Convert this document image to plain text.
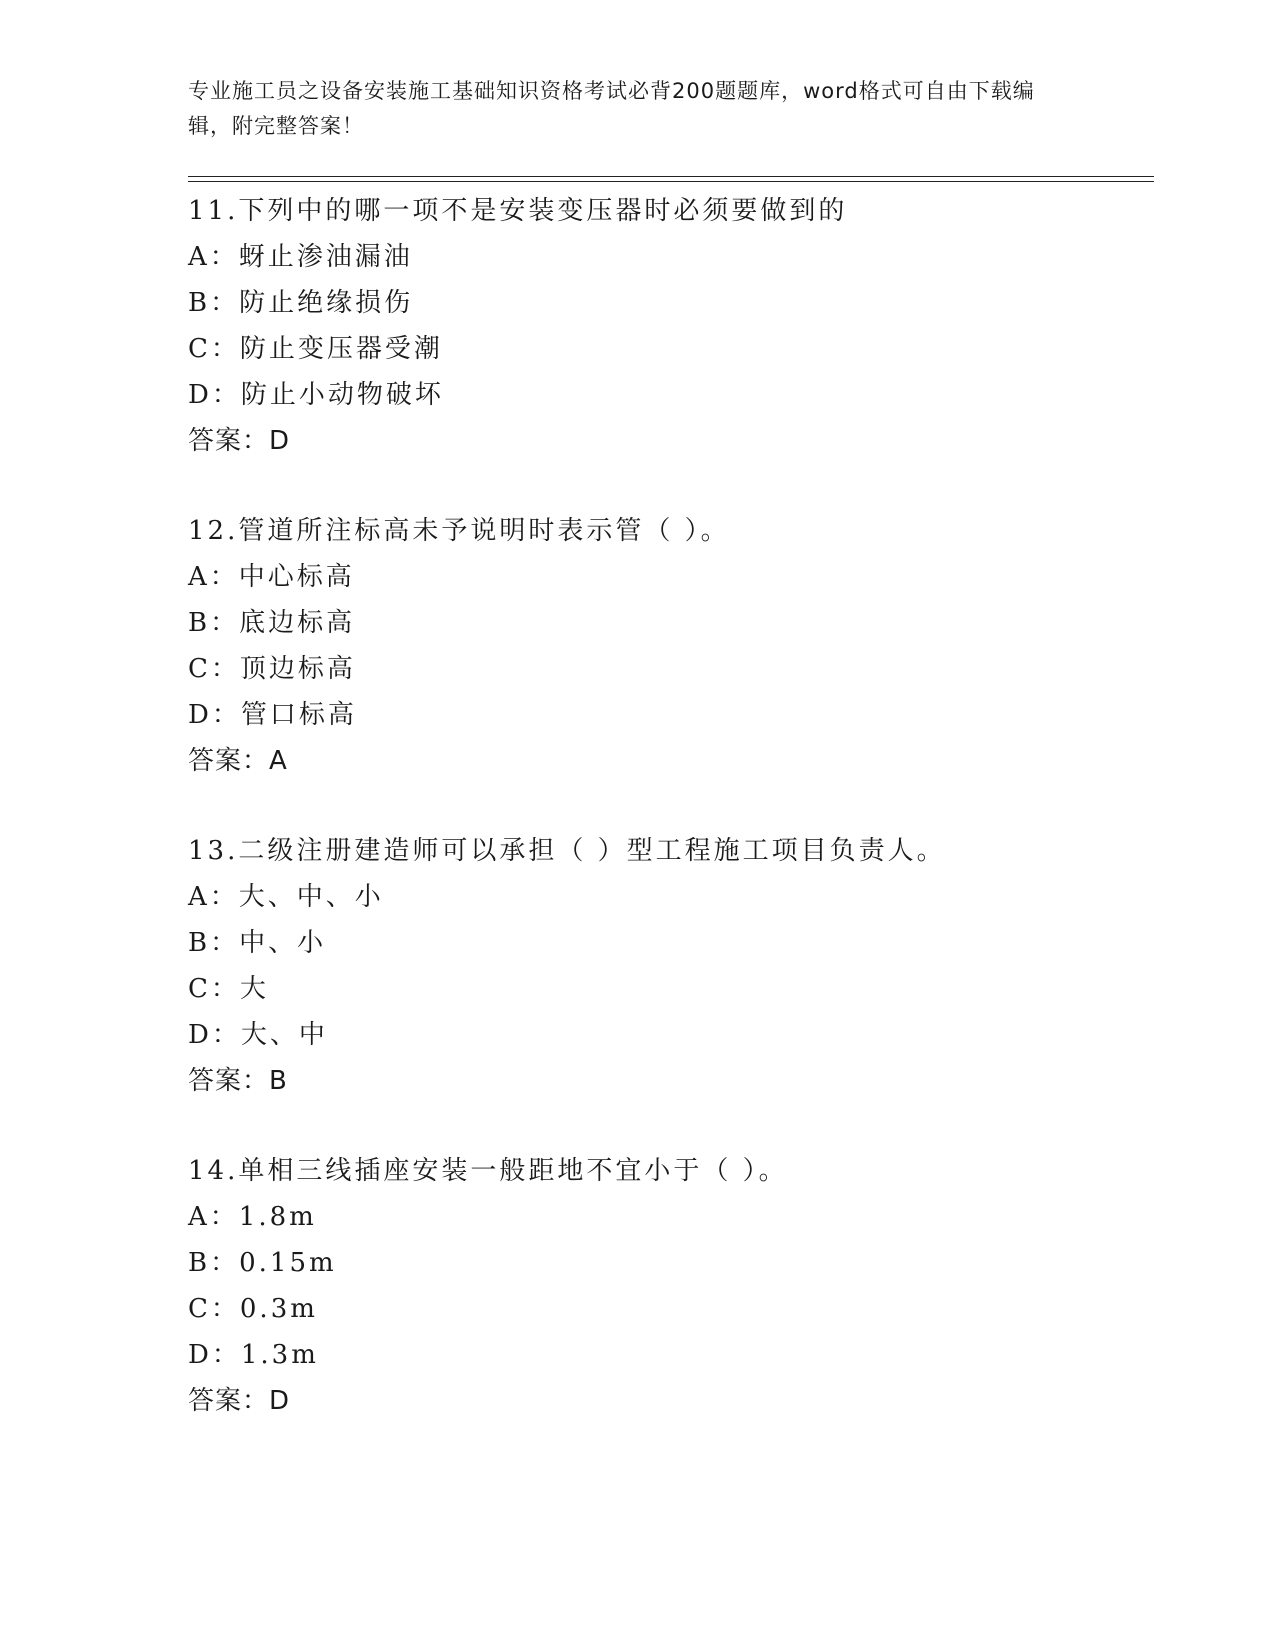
专业施工员之设备安装施工基础知识资格考试必背200题题库，word格式可自由下载编辑，附完整答案！
11.下列中的哪一项不是安装变压器时必须要做到的
A：蚜止渗油漏油
B：防止绝缘损伤
C：防止变压器受潮
D：防止小动物破坏
答案：D
12.管道所注标高未予说明时表示管（ ）。
A：中心标高
B：底边标高
C：顶边标高
D：管口标高
答案：A
13.二级注册建造师可以承担（ ）型工程施工项目负责人。
A：大、中、小
B：中、小
C：大
D：大、中
答案：B
14.单相三线插座安装一般距地不宜小于（ ）。
A：1.8m
B：0.15m
C：0.3m
D：1.3m
答案：D
